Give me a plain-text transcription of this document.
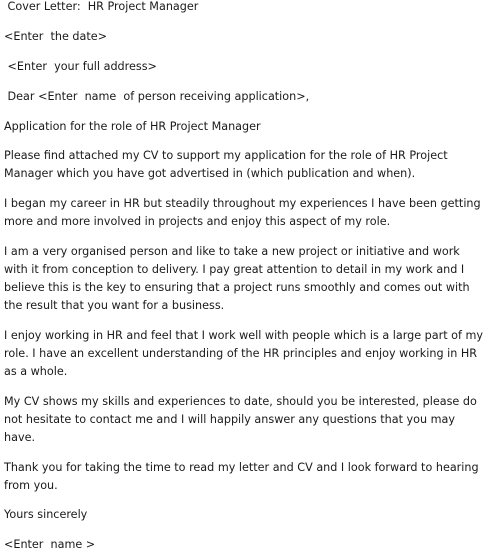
Cover Letter:  HR Project Manager

<Enter  the date>

<Enter  your full address>

Dear <Enter  name  of person receiving application>,

Application for the role of HR Project Manager

Please find attached my CV to support my application for the role of HR Project Manager which you have got advertised in (which publication and when).

I began my career in HR but steadily throughout my experiences I have been getting more and more involved in projects and enjoy this aspect of my role.

I am a very organised person and like to take a new project or initiative and work with it from conception to delivery. I pay great attention to detail in my work and I believe this is the key to ensuring that a project runs smoothly and comes out with the result that you want for a business.

I enjoy working in HR and feel that I work well with people which is a large part of my role. I have an excellent understanding of the HR principles and enjoy working in HR as a whole.

My CV shows my skills and experiences to date, should you be interested, please do not hesitate to contact me and I will happily answer any questions that you may have.

Thank you for taking the time to read my letter and CV and I look forward to hearing from you.

Yours sincerely

<Enter  name >
